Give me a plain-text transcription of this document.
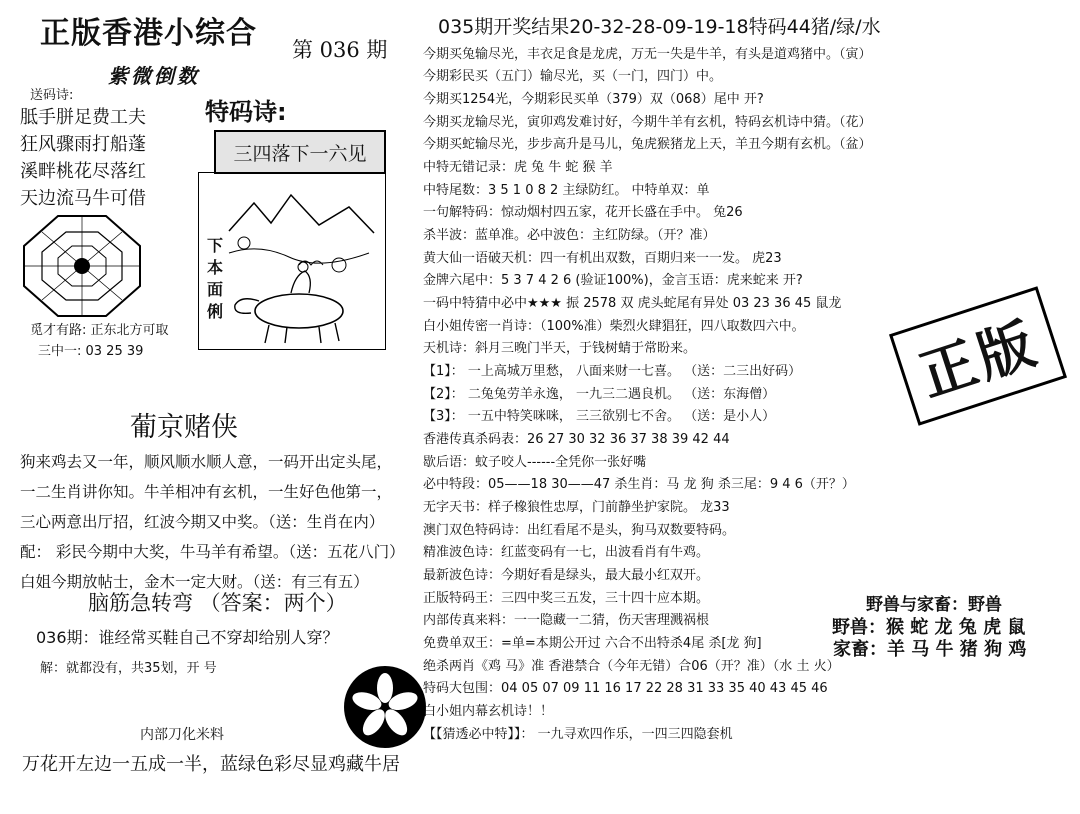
正版香港小综合 第 036 期
紫微倒数
送码诗:
胝手胼足费工夫
狂风骤雨打船蓬
溪畔桃花尽落红
天边流马牛可借
特码诗:
三四落下一六见
下本面俐
觅才有路: 正东北方可取
三中一: 03 25 39
葡京赌侠
狗来鸡去又一年，顺风顺水顺人意，一码开出定头尾，
一二生肖讲你知。牛羊相冲有玄机，一生好色他第一，
三心两意出厅招，红波今期又中奖。（送：生肖在内）
配： 彩民今期中大奖，牛马羊有希望。（送：五花八门）
白姐今期放帖士，金木一定大财。（送：有三有五）
脑筋急转弯 （答案：两个）
036期：谁经常买鞋自己不穿却给别人穿？
解：就都没有，共35划，开 号
内部刀化米料
万花开左边一五成一半，蓝绿色彩尽显鸡藏牛居
035期开奖结果20-32-28-09-19-18特码44猪/绿/水
今期买兔输尽光，丰衣足食是龙虎，万无一失是牛羊，有头是道鸡猪中。（寅）
今期彩民买（五门）输尽光，买（一门，四门）中。
今期买1254光，今期彩民买单（379）双（068）尾中 开?
今期买龙输尽光，寅卯鸡发难讨好，今期牛羊有玄机，特码玄机诗中猜。（花）
今期买蛇输尽光，步步高升是马儿，兔虎猴猪龙上天，羊丑今期有玄机。（盆）
中特无错记录：虎 兔 牛 蛇 猴 羊
中特尾数：3 5 1 0 8 2 主绿防红。 中特单双：单
一句解特码：惊动烟村四五家，花开长盛在手中。 兔26
杀半波：蓝单准。必中波色：主红防绿。（开？准）
黄大仙一语破天机：四一有机出双数，百期归来一一发。 虎23
金牌六尾中：5 3 7 4 2 6 (验证100%)，金言玉语：虎来蛇来 开?
一码中特猜中必中★★★ 振 2578 双 虎头蛇尾有异处 03 23 36 45 鼠龙
白小姐传密一肖诗：（100%准）柴烈火肆猖狂，四八取数四六中。
天机诗：斜月三晚门半天，于钱树蜻于常盼来。
【1】： 一上高城万里愁， 八面来财一七喜。 （送：二三出好码）
【2】： 二兔兔劳羊永逸， 一九三二遇良机。 （送：东海僧）
【3】： 一五中特笑咪咪， 三三欲别七不舍。 （送：是小人）
香港传真杀码表：26 27 30 32 36 37 38 39 42 44
歇后语：蚊子咬人------全凭你一张好嘴
必中特段：05——18 30——47 杀生肖：马 龙 狗 杀三尾：9 4 6（开？）
无字天书：样子橡狼性忠厚，门前静坐护家院。 龙33
澳门双色特码诗：出红看尾不是头，狗马双数要特码。
精准波色诗：红蓝变码有一七，出波看肖有牛鸡。
最新波色诗：今期好看是绿头，最大最小红双开。
正版特码王：三四中奖三五发，三十四十应本期。
内部传真来料：一一隐藏一二猜，伤天害理溅祸根
免费单双王：=单=本期公开过 六合不出特杀4尾 杀[龙 狗]
绝杀两肖《鸡 马》准 香港禁合（今年无错）合06（开？准）（水 土 火）
特码大包围：04 05 07 09 11 16 17 22 28 31 33 35 40 43 45 46
白小姐内幕玄机诗！！
【【猜透必中特】】： 一九寻欢四作乐，一四三四隐套机
正版
野兽与家畜：野兽
野兽：猴 蛇 龙 兔 虎 鼠
家畜：羊 马 牛 猪 狗 鸡
